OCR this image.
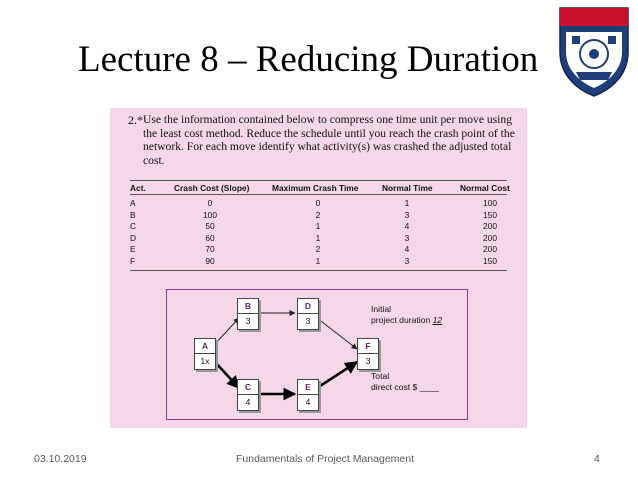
Lecture 8 – Reducing Duration
2.* Use the information contained below to compress one time unit per move using the least cost method. Reduce the schedule until you reach the crash point of the network. For each move identify what activity(s) was crashed the adjusted total cost.

Act.	Crash Cost (Slope)	Maximum Crash Time	Normal Time	Normal Cost
A	0	0	1	100
B	100	2	3	150
C	50	1	4	200
D	60	1	3	200
E	70	2	4	200
F	90	1	3	150
A
1x
B
3
C
4
D
3
E
4
F
3
Initial
project duration 12
Total
direct cost $ ____
03.10.2019	Fundamentals of Project Management	4
